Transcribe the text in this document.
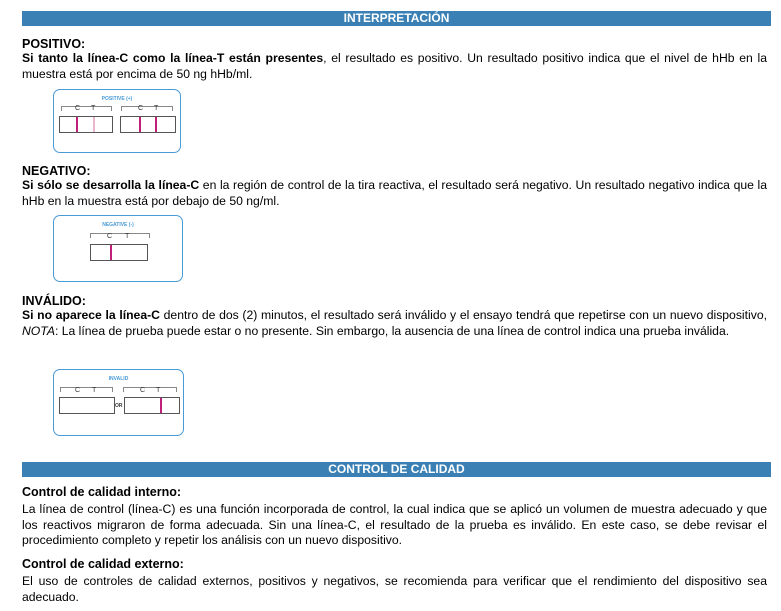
INTERPRETACIÓN
POSITIVO:
Si tanto la línea-C como la línea-T están presentes, el resultado es positivo. Un resultado positivo indica que el nivel de hHb en la muestra está por encima de 50 ng hHb/ml.
POSITIVE (+)
C T	C T
NEGATIVO:
Si sólo se desarrolla la línea-C en la región de control de la tira reactiva, el resultado será negativo. Un resultado negativo indica que la hHb en la muestra está por debajo de 50 ng/ml.
NEGATIVE (-)
C T
INVÁLIDO:
Si no aparece la línea-C dentro de dos (2) minutos, el resultado será inválido y el ensayo tendrá que repetirse con un nuevo dispositivo, NOTA: La línea de prueba puede estar o no presente. Sin embargo, la ausencia de una línea de control indica una prueba inválida.
INVALID
C T	C T
OR
CONTROL DE CALIDAD
Control de calidad interno:
La línea de control (línea-C) es una función incorporada de control, la cual indica que se aplicó un volumen de muestra adecuado y que los reactivos migraron de forma adecuada. Sin una línea-C, el resultado de la prueba es inválido. En este caso, se debe revisar el procedimiento completo y repetir los análisis con un nuevo dispositivo.
Control de calidad externo:
El uso de controles de calidad externos, positivos y negativos, se recomienda para verificar que el rendimiento del dispositivo sea adecuado.
